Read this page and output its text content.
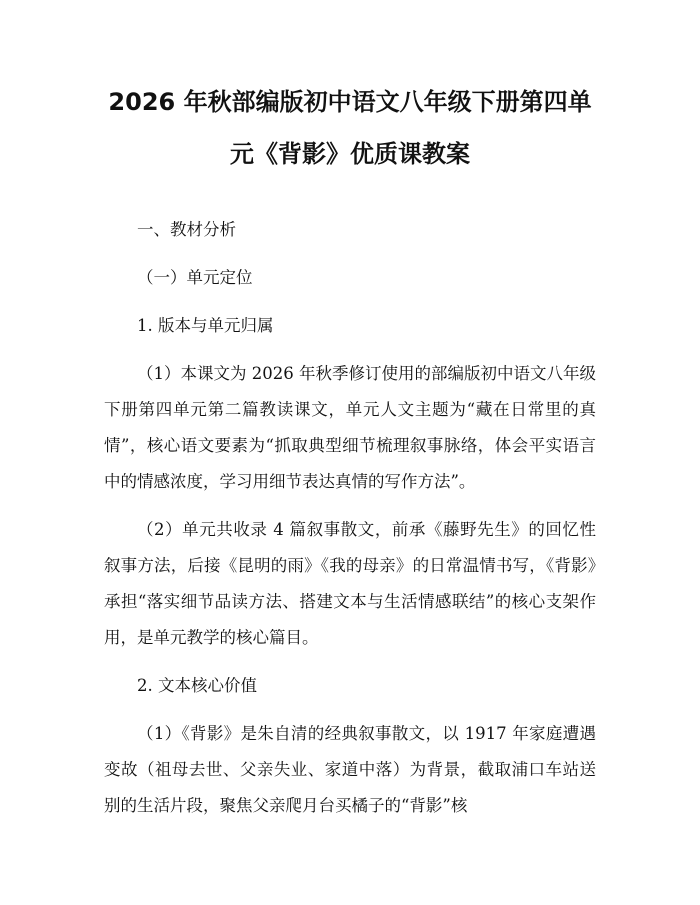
2026 年秋部编版初中语文八年级下册第四单
元《背影》优质课教案

一、教材分析

（一）单元定位

1. 版本与单元归属

（1）本课文为 2026 年秋季修订使用的部编版初中语文八年级下册第四单元第二篇教读课文，单元人文主题为“藏在日常里的真情”，核心语文要素为“抓取典型细节梳理叙事脉络，体会平实语言中的情感浓度，学习用细节表达真情的写作方法”。

（2）单元共收录 4 篇叙事散文，前承《藤野先生》的回忆性叙事方法，后接《昆明的雨》《我的母亲》的日常温情书写，《背影》承担“落实细节品读方法、搭建文本与生活情感联结”的核心支架作用，是单元教学的核心篇目。

2. 文本核心价值

（1）《背影》是朱自清的经典叙事散文，以 1917 年家庭遭遇变故（祖母去世、父亲失业、家道中落）为背景，截取浦口车站送别的生活片段，聚焦父亲爬月台买橘子的“背影”核
